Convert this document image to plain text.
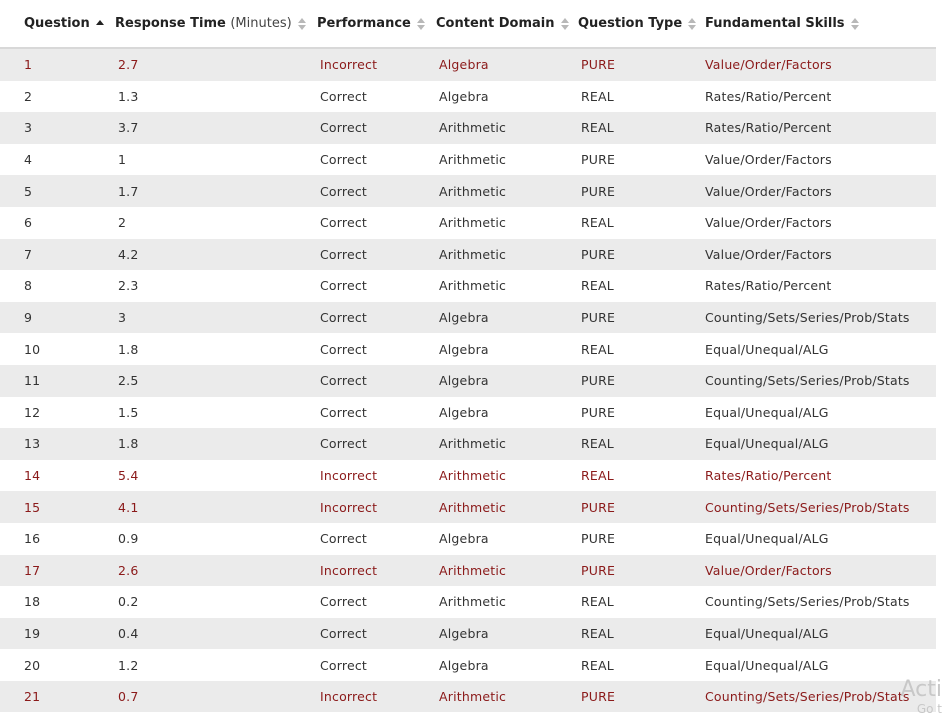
Question	Response Time (Minutes)	Performance	Content Domain	Question Type	Fundamental Skills

1	2.7	Incorrect	Algebra	PURE	Value/Order/Factors
2	1.3	Correct	Algebra	REAL	Rates/Ratio/Percent
3	3.7	Correct	Arithmetic	REAL	Rates/Ratio/Percent
4	1	Correct	Arithmetic	PURE	Value/Order/Factors
5	1.7	Correct	Arithmetic	PURE	Value/Order/Factors
6	2	Correct	Arithmetic	REAL	Value/Order/Factors
7	4.2	Correct	Arithmetic	PURE	Value/Order/Factors
8	2.3	Correct	Arithmetic	REAL	Rates/Ratio/Percent
9	3	Correct	Algebra	PURE	Counting/Sets/Series/Prob/Stats
10	1.8	Correct	Algebra	REAL	Equal/Unequal/ALG
11	2.5	Correct	Algebra	PURE	Counting/Sets/Series/Prob/Stats
12	1.5	Correct	Algebra	PURE	Equal/Unequal/ALG
13	1.8	Correct	Arithmetic	REAL	Equal/Unequal/ALG
14	5.4	Incorrect	Arithmetic	REAL	Rates/Ratio/Percent
15	4.1	Incorrect	Arithmetic	PURE	Counting/Sets/Series/Prob/Stats
16	0.9	Correct	Algebra	PURE	Equal/Unequal/ALG
17	2.6	Incorrect	Arithmetic	PURE	Value/Order/Factors
18	0.2	Correct	Arithmetic	REAL	Counting/Sets/Series/Prob/Stats
19	0.4	Correct	Algebra	REAL	Equal/Unequal/ALG
20	1.2	Correct	Algebra	REAL	Equal/Unequal/ALG
21	0.7	Incorrect	Arithmetic	PURE	Counting/Sets/Series/Prob/Stats
Acti
Go t
